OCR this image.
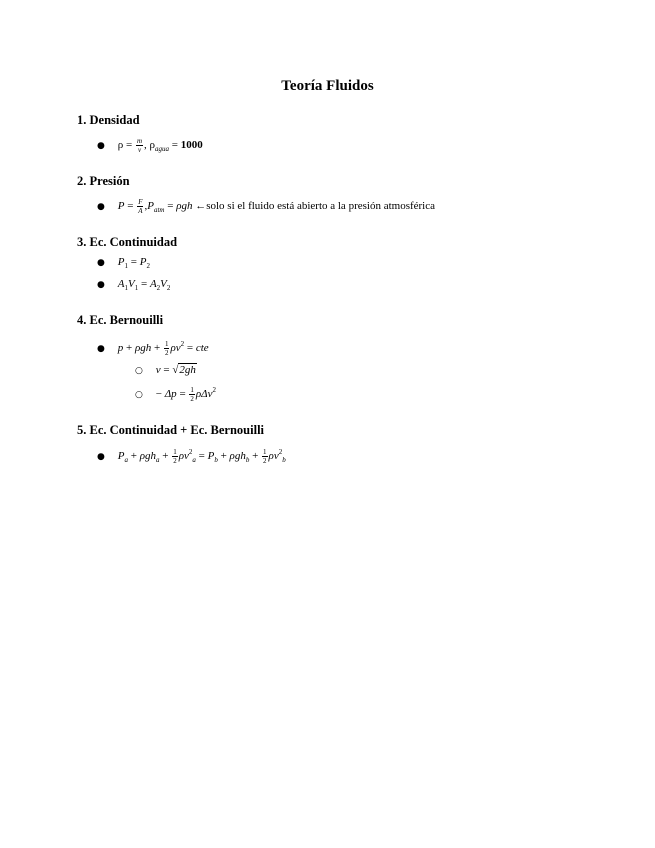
Teoría Fluidos
1. Densidad
● $\rho = \frac{m}{v}$ , $\rho_{agua} = 1000$
2. Presión
● $P = \frac{F}{A} ,P_{atm} = \rho gh$ ←solo si el fluido está abierto a la presión atmosférica
3. Ec. Continuidad
● $P_1 = P_2$
● $A_1V_1 = A_2V_2$
4. Ec. Bernouilli
● $p + \rho gh + \frac{1}{2} \rho v^2$ = cte
○ v = √2gh
○ − $\Delta p = \frac{1}{2} \rho\Delta v^2$
5. Ec. Continuidad + Ec. Bernouilli
● $P_a + \rho gh_a + \frac{1}{2} \rho v^2_a = P_b + \rho gh_b + \frac{1}{2} \rho v^2_b$
